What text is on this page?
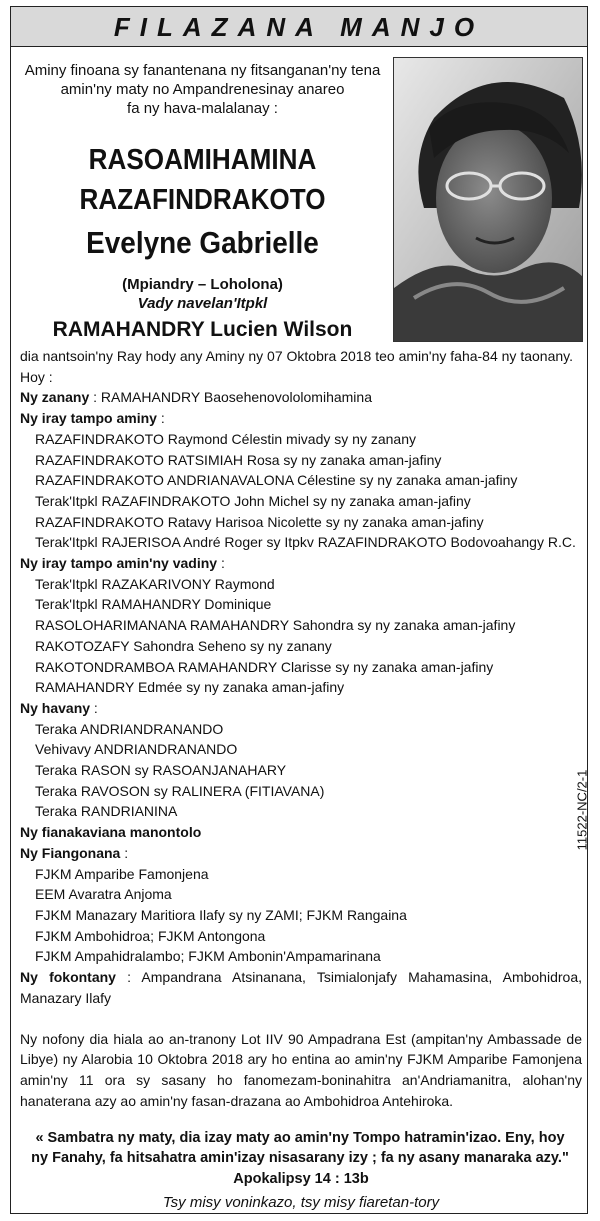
FILAZANA MANJO
Aminy finoana sy fanantenana ny fitsanganan'ny tena
amin'ny maty no Ampandrenesinay anareo
fa ny hava-malalanay :
RASOAMIHAMINA
RAZAFINDRAKOTO
Evelyne Gabrielle
(Mpiandry – Loholona)
Vady navelan'Itpkl
RAMAHANDRY Lucien Wilson

dia nantsoin'ny Ray hody any Aminy ny 07 Oktobra 2018 teo amin'ny faha-84 ny taonany.

Hoy :

Ny zanany : RAMAHANDRY Baosehenovololomihamina

Ny iray tampo aminy :

RAZAFINDRAKOTO Raymond Célestin mivady sy ny zanany

RAZAFINDRAKOTO RATSIMIAH Rosa sy ny zanaka aman-jafiny

RAZAFINDRAKOTO ANDRIANAVALONA Célestine sy ny zanaka aman-jafiny

Terak'Itpkl RAZAFINDRAKOTO John Michel sy ny zanaka aman-jafiny

RAZAFINDRAKOTO Ratavy Harisoa Nicolette sy ny zanaka aman-jafiny

Terak'Itpkl RAJERISOA André Roger sy Itpkv RAZAFINDRAKOTO Bodovoahangy R.C.

Ny iray tampo amin'ny vadiny :

Terak'Itpkl RAZAKARIVONY Raymond

Terak'Itpkl RAMAHANDRY Dominique

RASOLOHARIMANANA RAMAHANDRY Sahondra sy ny zanaka aman-jafiny

RAKOTOZAFY Sahondra Seheno sy ny zanany

RAKOTONDRAMBOA RAMAHANDRY Clarisse sy ny zanaka aman-jafiny

RAMAHANDRY Edmée sy ny zanaka aman-jafiny

Ny havany :

Teraka ANDRIANDRANANDO

Vehivavy ANDRIANDRANANDO

Teraka RASON sy RASOANJANAHARY

Teraka RAVOSON sy RALINERA (FITIAVANA)

Teraka RANDRIANINA

Ny fianakaviana manontolo

Ny Fiangonana :

FJKM Amparibe Famonjena

EEM Avaratra Anjoma

FJKM Manazary Maritiora Ilafy sy ny ZAMI; FJKM Rangaina

FJKM Ambohidroa; FJKM Antongona

FJKM Ampahidralambo; FJKM Ambonin'Ampamarinana

Ny fokontany : Ampandrana Atsinanana, Tsimialonjafy Mahamasina, Ambohidroa, Manazary Ilafy

Ny nofony dia hiala ao an-tranony Lot IIV 90 Ampadrana Est (ampitan'ny Ambassade de Libye) ny Alarobia 10 Oktobra 2018 ary ho entina ao amin'ny FJKM Amparibe Famonjena amin'ny 11 ora sy sasany ho fanomezam-boninahitra an'Andriamanitra, alohan'ny hanaterana azy ao amin'ny fasan-drazana ao Ambohidroa Antehiroka.

« Sambatra ny maty, dia izay maty ao amin'ny Tompo hatramin'izao. Eny, hoy ny Fanahy, fa hitsahatra amin'izay nisasarany izy ; fa ny asany manaraka azy."
Apokalipsy 14 : 13b
Tsy misy voninkazo, tsy misy fiaretan-tory
11522-NC/2-1
